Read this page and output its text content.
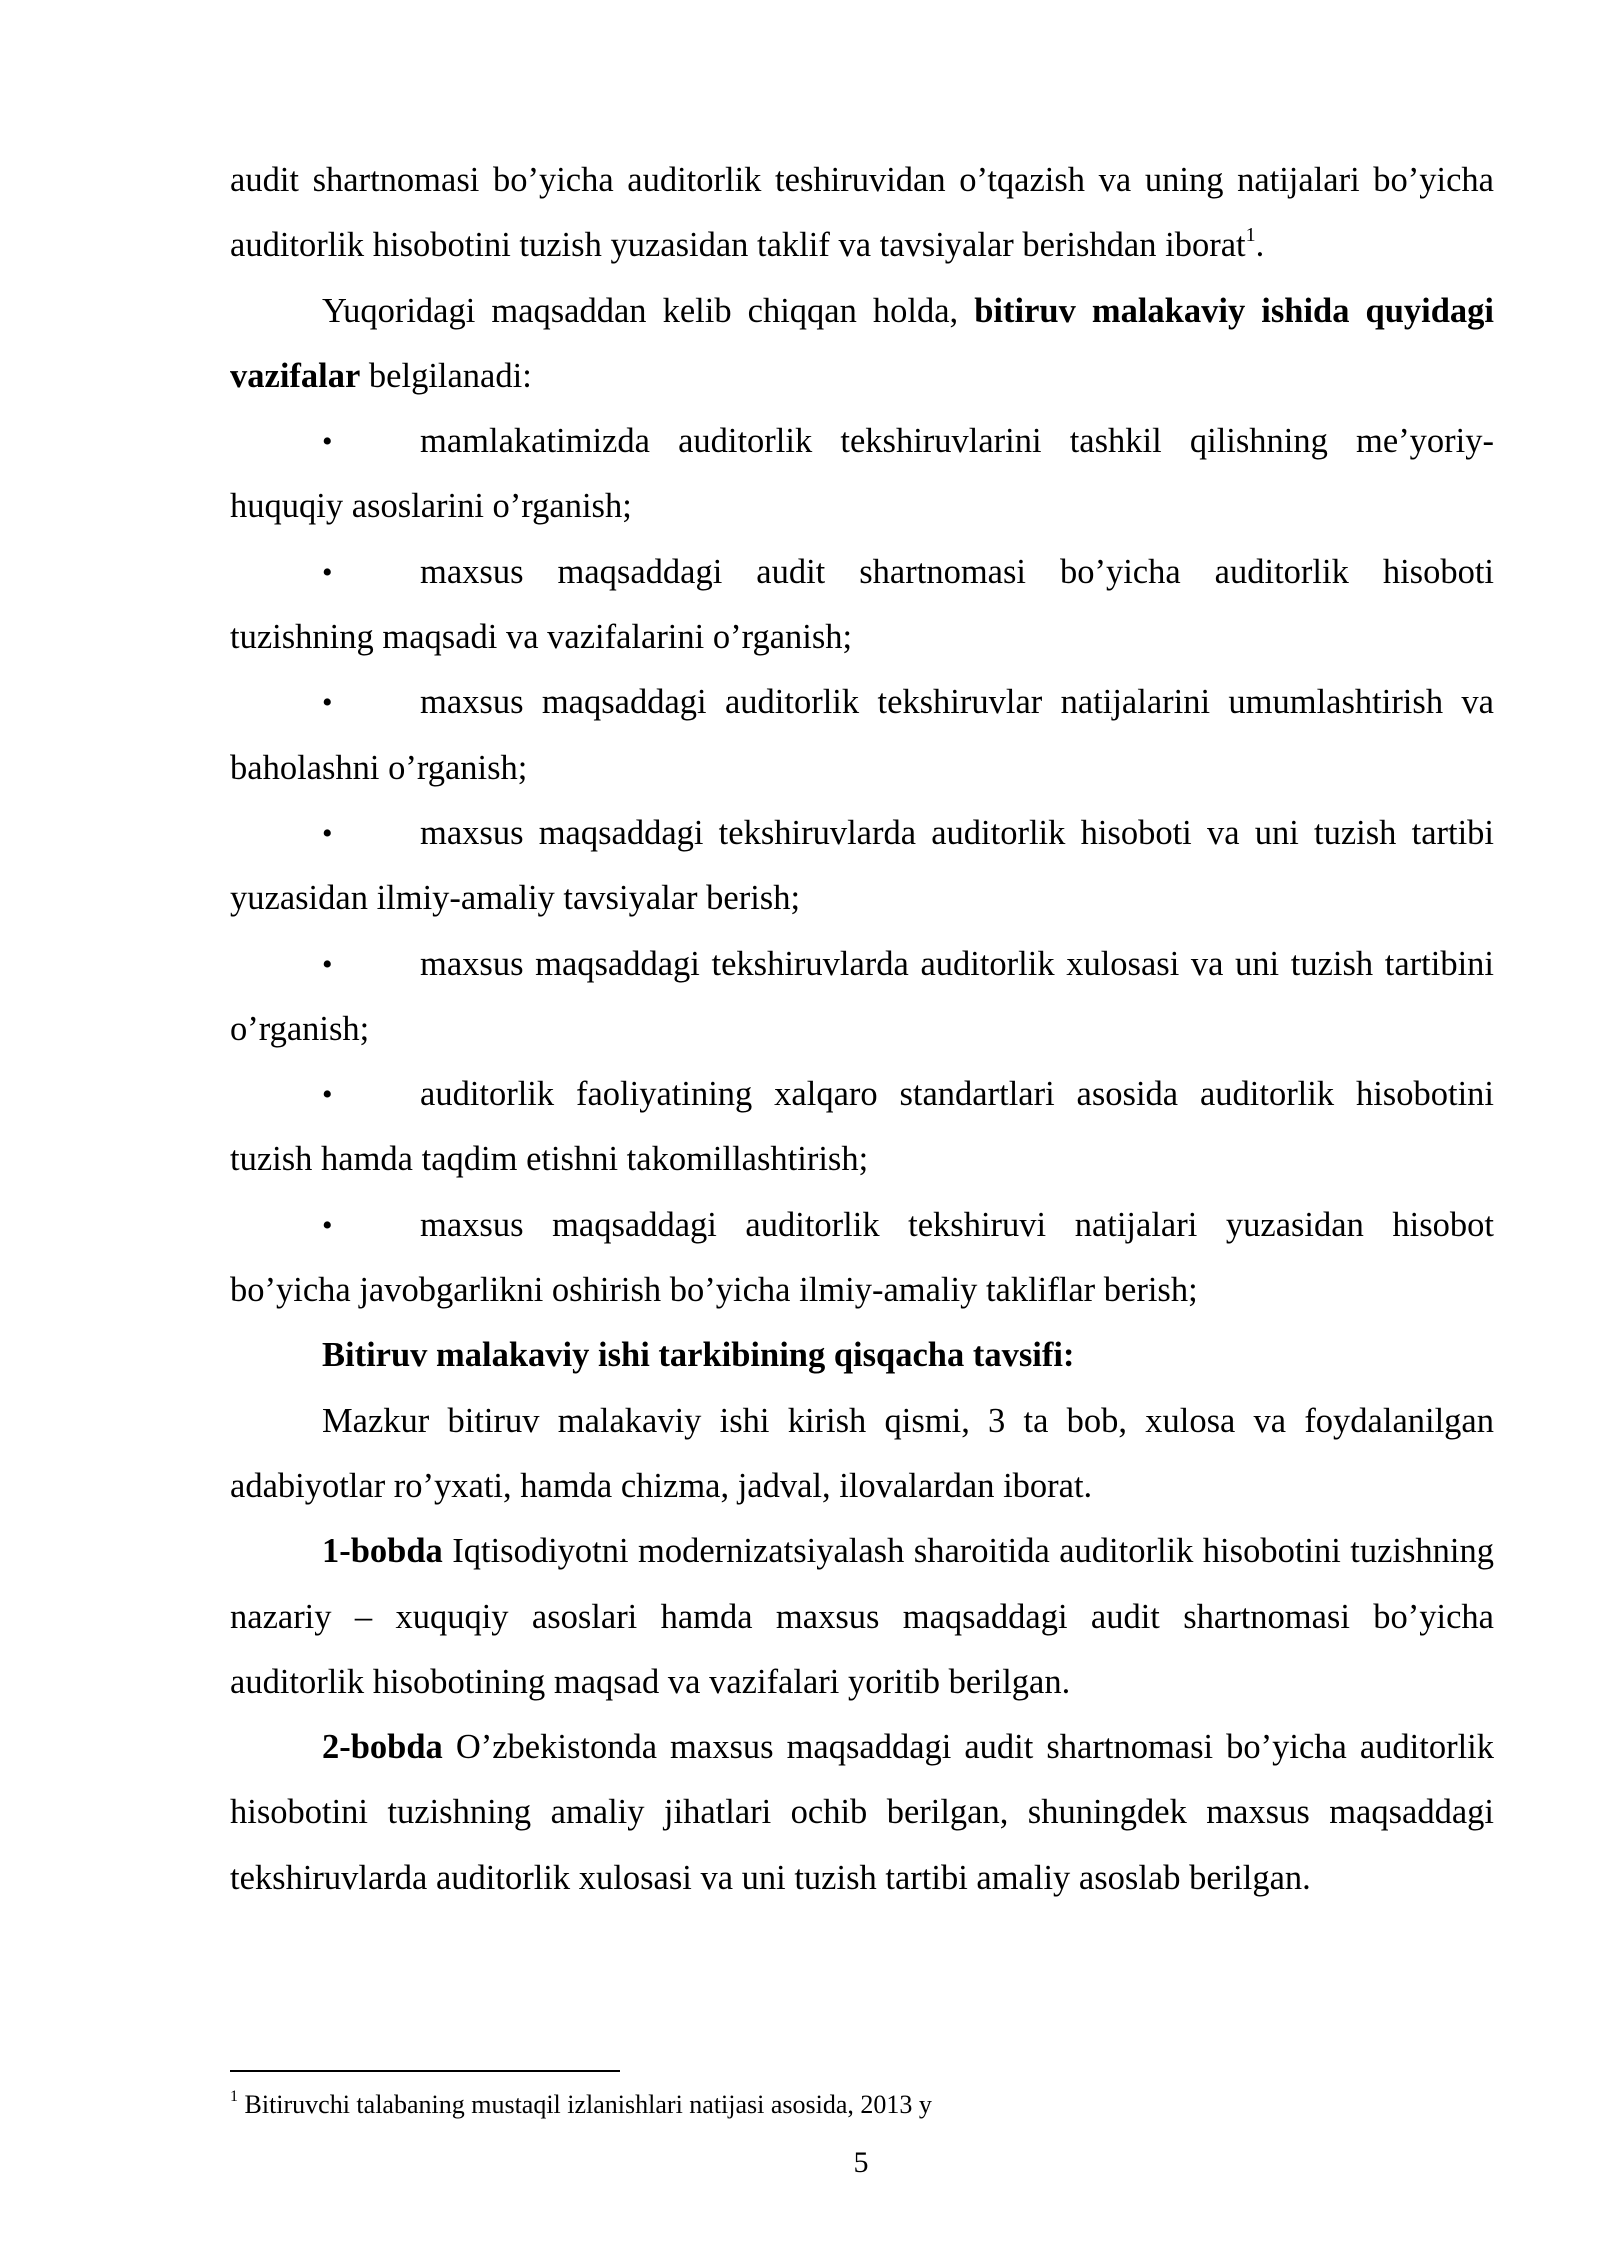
audit shartnomasi bo’yicha auditorlik teshiruvidan o’tqazish va uning natijalari bo’yicha auditorlik hisobotini tuzish yuzasidan taklif va tavsiyalar berishdan iborat$^1$.

Yuqoridagi maqsaddan kelib chiqqan holda, bitiruv malakaviy ishida quyidagi vazifalar belgilanadi:

•	mamlakatimizda auditorlik tekshiruvlarini tashkil qilishning me’yoriy-huquqiy asoslarini o’rganish;

•	maxsus maqsaddagi audit shartnomasi bo’yicha auditorlik hisoboti tuzishning maqsadi va vazifalarini o’rganish;

•	maxsus maqsaddagi auditorlik tekshiruvlar natijalarini umumlashtirish va baholashni o’rganish;

•	maxsus maqsaddagi tekshiruvlarda auditorlik hisoboti va uni tuzish tartibi yuzasidan ilmiy-amaliy tavsiyalar berish;

•	maxsus maqsaddagi tekshiruvlarda auditorlik xulosasi va uni tuzish tartibini o’rganish;

•	auditorlik faoliyatining xalqaro standartlari asosida auditorlik hisobotini tuzish hamda taqdim etishni takomillashtirish;

•	maxsus maqsaddagi auditorlik tekshiruvi natijalari yuzasidan hisobot bo’yicha javobgarlikni oshirish bo’yicha ilmiy-amaliy takliflar berish;

Bitiruv malakaviy ishi tarkibining qisqacha tavsifi:

Mazkur bitiruv malakaviy ishi kirish qismi, 3 ta bob, xulosa va foydalanilgan adabiyotlar ro’yxati, hamda chizma, jadval, ilovalardan iborat.

1-bobda Iqtisodiyotni modernizatsiyalash sharoitida auditorlik hisobotini tuzishning nazariy – xuquqiy asoslari hamda maxsus maqsaddagi audit shartnomasi bo’yicha auditorlik hisobotining maqsad va vazifalari yoritib berilgan.

2-bobda O’zbekistonda maxsus maqsaddagi audit shartnomasi bo’yicha auditorlik hisobotini tuzishning amaliy jihatlari ochib berilgan, shuningdek maxsus maqsaddagi tekshiruvlarda auditorlik xulosasi va uni tuzish tartibi amaliy asoslab berilgan.

$^1$ Bitiruvchi talabaning mustaqil izlanishlari natijasi asosida, 2013 y
5
